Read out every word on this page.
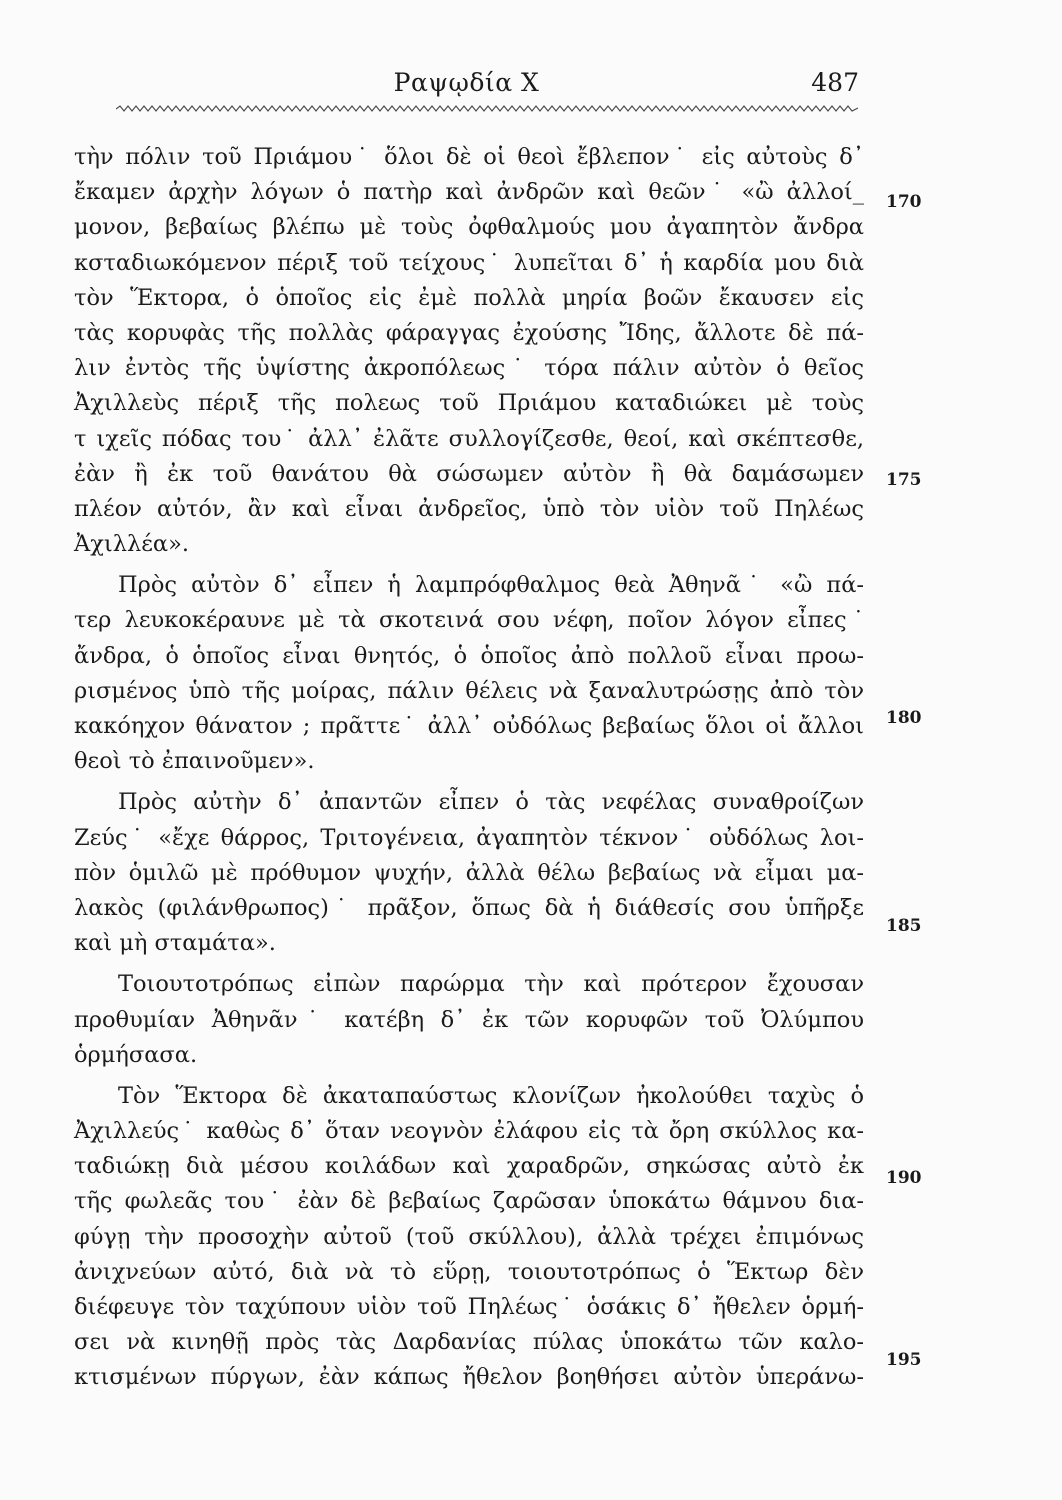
Ραψῳδία Χ	487
τὴν πόλιν τοῦ Πριάμου˙ ὅλοι δὲ οἱ θεοὶ ἔβλεπον˙ εἰς αὐτοὺς δ᾽
ἔκαμεν ἀρχὴν λόγων ὁ πατὴρ καὶ ἀνδρῶν καὶ θεῶν˙ «ὢ ἀλλοί_
μονον, βεβαίως βλέπω μὲ τοὺς ὀφθαλμούς μου ἀγαπητὸν ἄνδρα
κσταδιωκόμενον πέριξ τοῦ τείχους˙ λυπεῖται δ᾽ ἡ καρδία μου διὰ
τὸν Ἕκτορα, ὁ ὁποῖος εἰς ἐμὲ πολλὰ μηρία βοῶν ἔκαυσεν εἰς
τὰς κορυφὰς τῆς πολλὰς φάραγγας ἐχούσης Ἴδης, ἄλλοτε δὲ πά-
λιν ἐντὸς τῆς ὑψίστης ἀκροπόλεως˙ τόρα πάλιν αὐτὸν ὁ θεῖος
Ἀχιλλεὺς πέριξ τῆς πολεως τοῦ Πριάμου καταδιώκει μὲ τοὺς
τ ιχεῖς πόδας του˙ ἀλλ᾽ ἐλᾶτε συλλογίζεσθε, θεοί, καὶ σκέπτεσθε,
ἐὰν ἢ ἐκ τοῦ θανάτου θὰ σώσωμεν αὐτὸν ἢ θὰ δαμάσωμεν
πλέον αὐτόν, ἂν καὶ εἶναι ἀνδρεῖος, ὑπὸ τὸν υἱὸν τοῦ Πηλέως
Ἀχιλλέα».
Πρὸς αὐτὸν δ᾽ εἶπεν ἡ λαμπρόφθαλμος θεὰ Ἀθηνᾶ˙ «ὢ πά-
τερ λευκοκέραυνε μὲ τὰ σκοτεινά σου νέφη, ποῖον λόγον εἶπες˙
ἄνδρα, ὁ ὁποῖος εἶναι θνητός, ὁ ὁποῖος ἀπὸ πολλοῦ εἶναι προω-
ρισμένος ὑπὸ τῆς μοίρας, πάλιν θέλεις νὰ ξαναλυτρώσῃς ἀπὸ τὸν
κακόηχον θάνατον ; πρᾶττε˙ ἀλλ᾽ οὐδόλως βεβαίως ὅλοι οἱ ἄλλοι
θεοὶ τὸ ἐπαινοῦμεν».
Πρὸς αὐτὴν δ᾽ ἀπαντῶν εἶπεν ὁ τὰς νεφέλας συναθροίζων
Ζεύς˙ «ἔχε θάρρος, Τριτογένεια, ἀγαπητὸν τέκνον˙ οὐδόλως λοι-
πὸν ὁμιλῶ μὲ πρόθυμον ψυχήν, ἀλλὰ θέλω βεβαίως νὰ εἶμαι μα-
λακὸς (φιλάνθρωπος)˙ πρᾶξον, ὅπως δὰ ἡ διάθεσίς σου ὑπῆρξε
καὶ μὴ σταμάτα».
Τοιουτοτρόπως εἰπὼν παρώρμα τὴν καὶ πρότερον ἔχουσαν
προθυμίαν Ἀθηνᾶν˙ κατέβη δ᾽ ἐκ τῶν κορυφῶν τοῦ Ὀλύμπου
ὁρμήσασα.
Τὸν Ἕκτορα δὲ ἀκαταπαύστως κλονίζων ἠκολούθει ταχὺς ὁ
Ἀχιλλεύς˙ καθὼς δ᾽ ὅταν νεογνὸν ἐλάφου εἰς τὰ ὄρη σκύλλος κα-
ταδιώκῃ διὰ μέσου κοιλάδων καὶ χαραδρῶν, σηκώσας αὐτὸ ἐκ
τῆς φωλεᾶς του˙ ἐὰν δὲ βεβαίως ζαρῶσαν ὑποκάτω θάμνου δια-
φύγῃ τὴν προσοχὴν αὐτοῦ (τοῦ σκύλλου), ἀλλὰ τρέχει ἐπιμόνως
ἀνιχνεύων αὐτό, διὰ νὰ τὸ εὕρῃ, τοιουτοτρόπως ὁ Ἕκτωρ δὲν
διέφευγε τὸν ταχύπουν υἱὸν τοῦ Πηλέως˙ ὁσάκις δ᾽ ἤθελεν ὁρμή-
σει νὰ κινηθῇ πρὸς τὰς Δαρδανίας πύλας ὑποκάτω τῶν καλο-
κτισμένων πύργων, ἐὰν κάπως ἤθελον βοηθήσει αὐτὸν ὑπεράνω-
170
175
180
185
190
195
